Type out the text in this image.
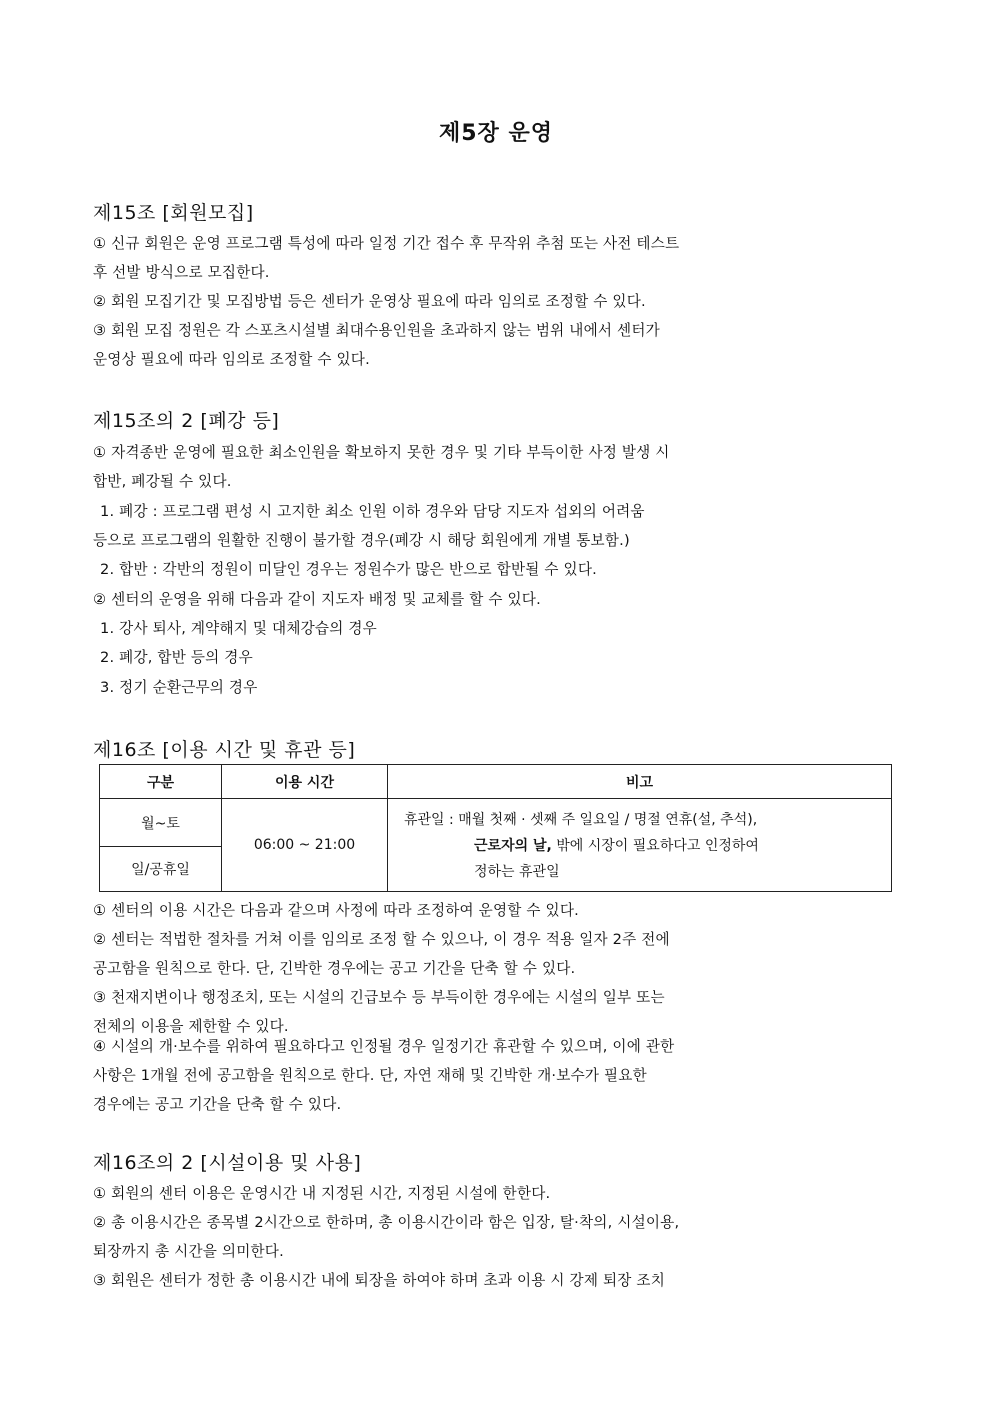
제5장 운영
제15조 [회원모집]
① 신규 회원은 운영 프로그램 특성에 따라 일정 기간 접수 후 무작위 추첨 또는 사전 테스트
후 선발 방식으로 모집한다.
② 회원 모집기간 및 모집방법 등은 센터가 운영상 필요에 따라 임의로 조정할 수 있다.
③ 회원 모집 정원은 각 스포츠시설별 최대수용인원을 초과하지 않는 범위 내에서 센터가
운영상 필요에 따라 임의로 조정할 수 있다.
제15조의 2 [폐강 등]
① 자격종반 운영에 필요한 최소인원을 확보하지 못한 경우 및 기타 부득이한 사정 발생 시
합반, 폐강될 수 있다.
1. 폐강 : 프로그램 편성 시 고지한 최소 인원 이하 경우와 담당 지도자 섭외의 어려움
등으로 프로그램의 원활한 진행이 불가할 경우(폐강 시 해당 회원에게 개별 통보함.)
2. 합반 : 각반의 정원이 미달인 경우는 정원수가 많은 반으로 합반될 수 있다.
② 센터의 운영을 위해 다음과 같이 지도자 배정 및 교체를 할 수 있다.
1. 강사 퇴사, 계약해지 및 대체강습의 경우
2. 폐강, 합반 등의 경우
3. 정기 순환근무의 경우
제16조 [이용 시간 및 휴관 등]
구분	이용 시간	비고
월~토	06:00 ~ 21:00	휴관일 : 매월 첫째 · 셋째 주 일요일 / 명절 연휴(설, 추석),
근로자의 날, 밖에 시장이 필요하다고 인정하여
정하는 휴관일

일/공휴일		
① 센터의 이용 시간은 다음과 같으며 사정에 따라 조정하여 운영할 수 있다.
② 센터는 적법한 절차를 거쳐 이를 임의로 조정 할 수 있으나, 이 경우 적용 일자 2주 전에
공고함을 원칙으로 한다. 단, 긴박한 경우에는 공고 기간을 단축 할 수 있다.
③ 천재지변이나 행정조치, 또는 시설의 긴급보수 등 부득이한 경우에는 시설의 일부 또는
전체의 이용을 제한할 수 있다.
④ 시설의 개·보수를 위하여 필요하다고 인정될 경우 일정기간 휴관할 수 있으며, 이에 관한
사항은 1개월 전에 공고함을 원칙으로 한다. 단, 자연 재해 및 긴박한 개·보수가 필요한
경우에는 공고 기간을 단축 할 수 있다.
제16조의 2 [시설이용 및 사용]
① 회원의 센터 이용은 운영시간 내 지정된 시간, 지정된 시설에 한한다.
② 총 이용시간은 종목별 2시간으로 한하며, 총 이용시간이라 함은 입장, 탈·착의, 시설이용,
퇴장까지 총 시간을 의미한다.
③ 회원은 센터가 정한 총 이용시간 내에 퇴장을 하여야 하며 초과 이용 시 강제 퇴장 조치
